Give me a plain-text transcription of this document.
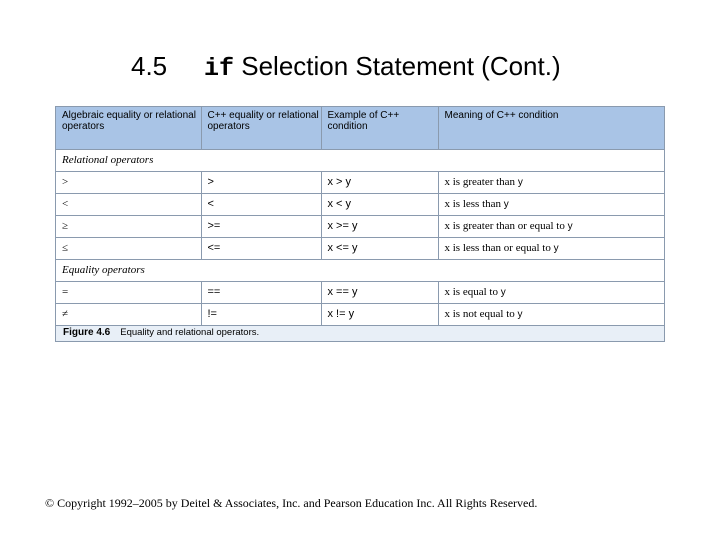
4.5 if Selection Statement (Cont.)
Algebraic equality or relational operators	C++ equality or relational operators	Example of C++ condition	Meaning of C++ condition
Relational operators			
>	>	x > y	x is greater than y
<	<	x < y	x is less than y
≥	>=	x >= y	x is greater than or equal to y
≤	<=	x <= y	x is less than or equal to y
Equality operators			
=	==	x == y	x is equal to y
≠	!=	x != y	x is not equal to y
Figure 4.6 Equality and relational operators.
© Copyright 1992–2005 by Deitel & Associates, Inc. and Pearson Education Inc. All Rights Reserved.
